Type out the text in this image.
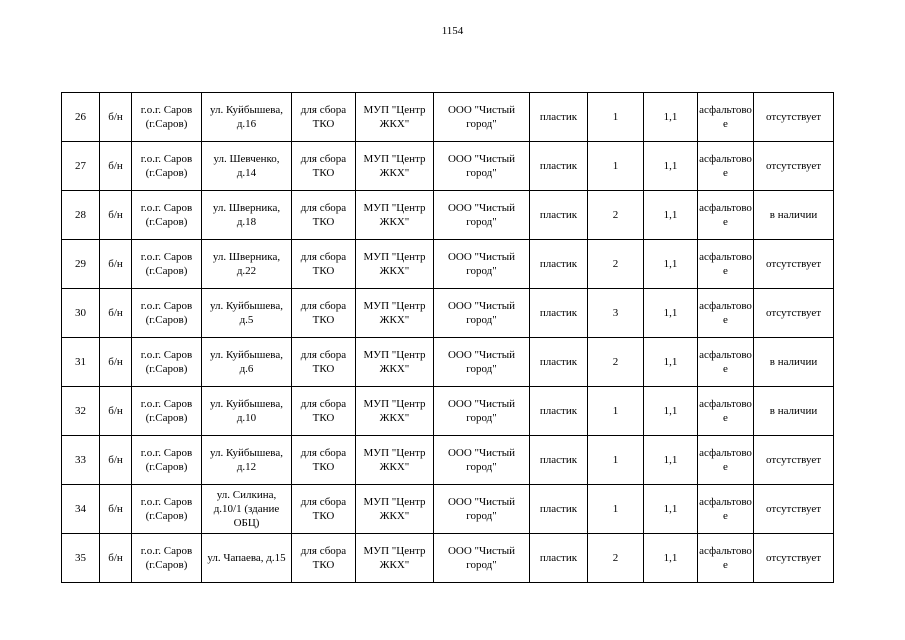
1154
26	б/н	г.о.г. Саров (г.Саров)	ул. Куйбышева, д.16	для сбора ТКО	МУП "Центр ЖКХ"	ООО "Чистый город"	пластик	1	1,1	асфальтовое	отсутствует
27	б/н	г.о.г. Саров (г.Саров)	ул. Шевченко, д.14	для сбора ТКО	МУП "Центр ЖКХ"	ООО "Чистый город"	пластик	1	1,1	асфальтовое	отсутствует
28	б/н	г.о.г. Саров (г.Саров)	ул. Шверника, д.18	для сбора ТКО	МУП "Центр ЖКХ"	ООО "Чистый город"	пластик	2	1,1	асфальтовое	в наличии
29	б/н	г.о.г. Саров (г.Саров)	ул. Шверника, д.22	для сбора ТКО	МУП "Центр ЖКХ"	ООО "Чистый город"	пластик	2	1,1	асфальтовое	отсутствует
30	б/н	г.о.г. Саров (г.Саров)	ул. Куйбышева, д.5	для сбора ТКО	МУП "Центр ЖКХ"	ООО "Чистый город"	пластик	3	1,1	асфальтовое	отсутствует
31	б/н	г.о.г. Саров (г.Саров)	ул. Куйбышева, д.6	для сбора ТКО	МУП "Центр ЖКХ"	ООО "Чистый город"	пластик	2	1,1	асфальтовое	в наличии
32	б/н	г.о.г. Саров (г.Саров)	ул. Куйбышева, д.10	для сбора ТКО	МУП "Центр ЖКХ"	ООО "Чистый город"	пластик	1	1,1	асфальтовое	в наличии
33	б/н	г.о.г. Саров (г.Саров)	ул. Куйбышева, д.12	для сбора ТКО	МУП "Центр ЖКХ"	ООО "Чистый город"	пластик	1	1,1	асфальтовое	отсутствует
34	б/н	г.о.г. Саров (г.Саров)	ул. Силкина, д.10/1 (здание ОБЦ)	для сбора ТКО	МУП "Центр ЖКХ"	ООО "Чистый город"	пластик	1	1,1	асфальтовое	отсутствует
35	б/н	г.о.г. Саров (г.Саров)	ул. Чапаева, д.15	для сбора ТКО	МУП "Центр ЖКХ"	ООО "Чистый город"	пластик	2	1,1	асфальтовое	отсутствует
